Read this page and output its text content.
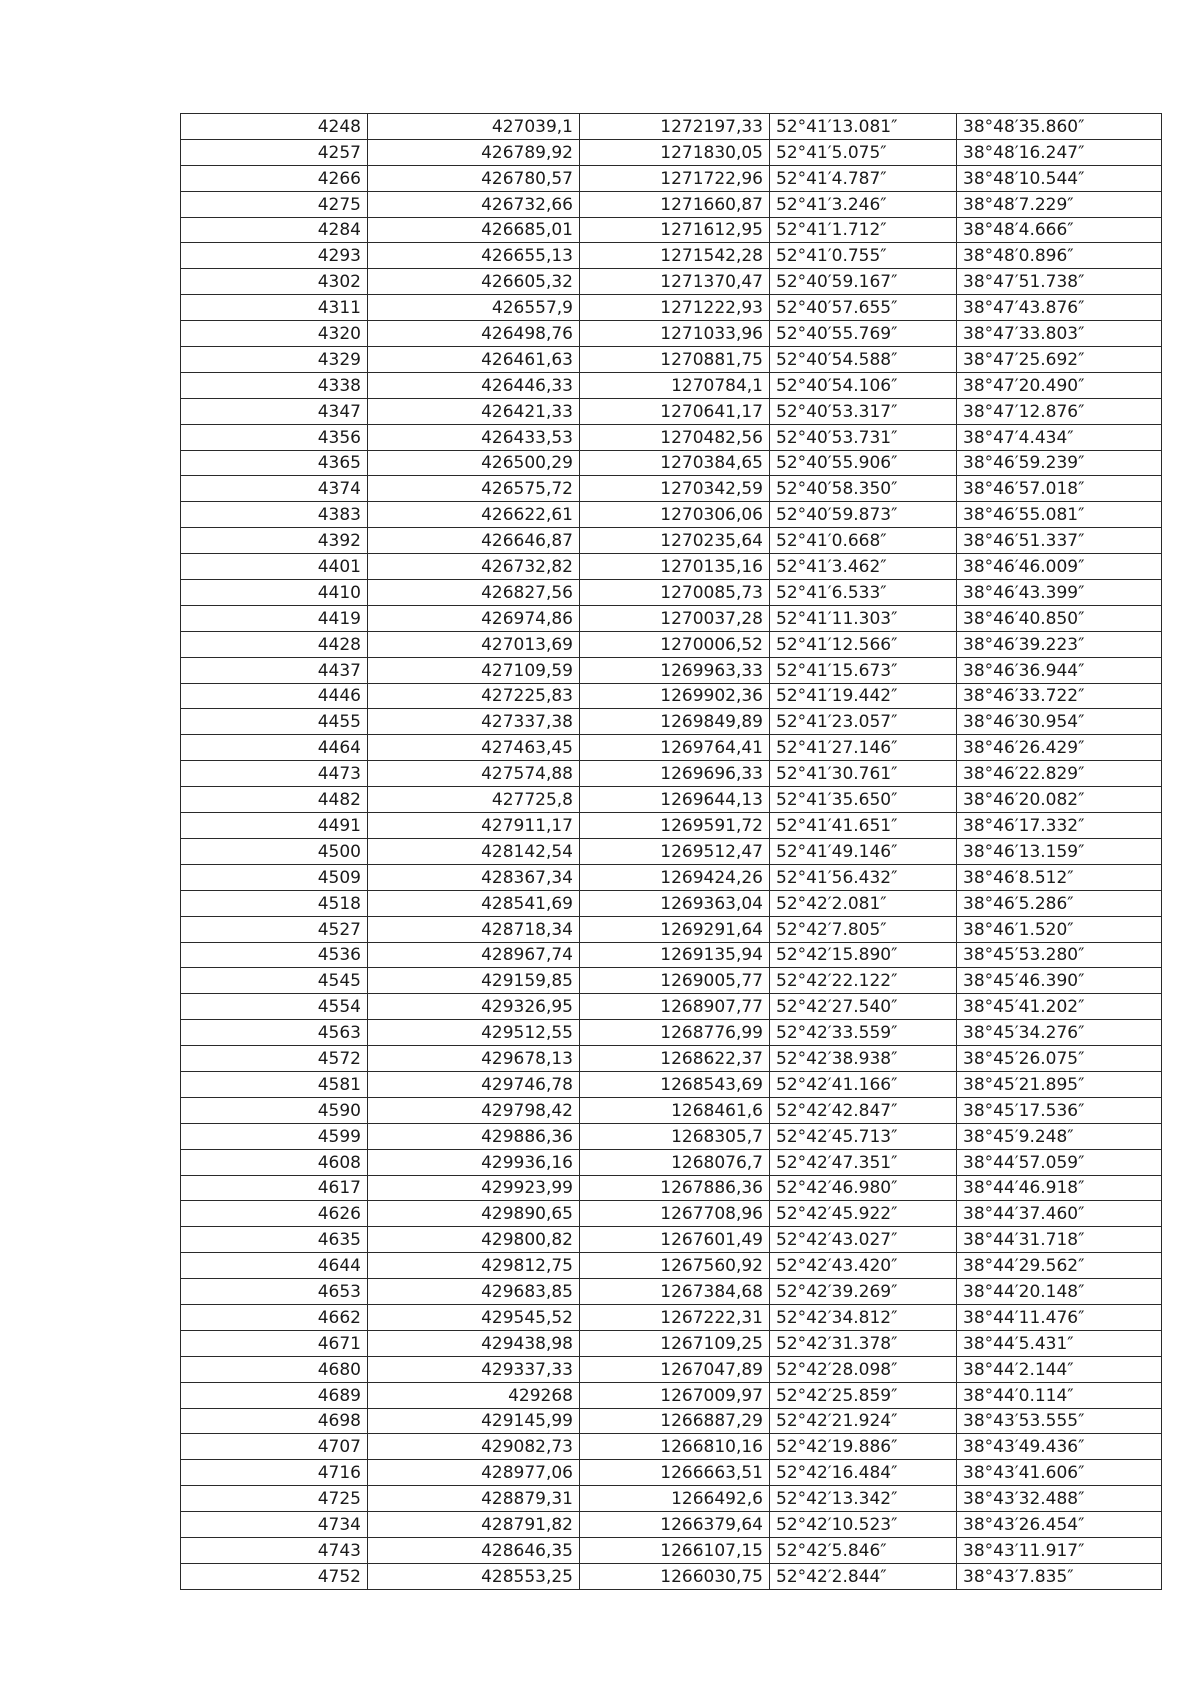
4248	427039,1	1272197,33	52°41′13.081″	38°48′35.860″
4257	426789,92	1271830,05	52°41′5.075″	38°48′16.247″
4266	426780,57	1271722,96	52°41′4.787″	38°48′10.544″
4275	426732,66	1271660,87	52°41′3.246″	38°48′7.229″
4284	426685,01	1271612,95	52°41′1.712″	38°48′4.666″
4293	426655,13	1271542,28	52°41′0.755″	38°48′0.896″
4302	426605,32	1271370,47	52°40′59.167″	38°47′51.738″
4311	426557,9	1271222,93	52°40′57.655″	38°47′43.876″
4320	426498,76	1271033,96	52°40′55.769″	38°47′33.803″
4329	426461,63	1270881,75	52°40′54.588″	38°47′25.692″
4338	426446,33	1270784,1	52°40′54.106″	38°47′20.490″
4347	426421,33	1270641,17	52°40′53.317″	38°47′12.876″
4356	426433,53	1270482,56	52°40′53.731″	38°47′4.434″
4365	426500,29	1270384,65	52°40′55.906″	38°46′59.239″
4374	426575,72	1270342,59	52°40′58.350″	38°46′57.018″
4383	426622,61	1270306,06	52°40′59.873″	38°46′55.081″
4392	426646,87	1270235,64	52°41′0.668″	38°46′51.337″
4401	426732,82	1270135,16	52°41′3.462″	38°46′46.009″
4410	426827,56	1270085,73	52°41′6.533″	38°46′43.399″
4419	426974,86	1270037,28	52°41′11.303″	38°46′40.850″
4428	427013,69	1270006,52	52°41′12.566″	38°46′39.223″
4437	427109,59	1269963,33	52°41′15.673″	38°46′36.944″
4446	427225,83	1269902,36	52°41′19.442″	38°46′33.722″
4455	427337,38	1269849,89	52°41′23.057″	38°46′30.954″
4464	427463,45	1269764,41	52°41′27.146″	38°46′26.429″
4473	427574,88	1269696,33	52°41′30.761″	38°46′22.829″
4482	427725,8	1269644,13	52°41′35.650″	38°46′20.082″
4491	427911,17	1269591,72	52°41′41.651″	38°46′17.332″
4500	428142,54	1269512,47	52°41′49.146″	38°46′13.159″
4509	428367,34	1269424,26	52°41′56.432″	38°46′8.512″
4518	428541,69	1269363,04	52°42′2.081″	38°46′5.286″
4527	428718,34	1269291,64	52°42′7.805″	38°46′1.520″
4536	428967,74	1269135,94	52°42′15.890″	38°45′53.280″
4545	429159,85	1269005,77	52°42′22.122″	38°45′46.390″
4554	429326,95	1268907,77	52°42′27.540″	38°45′41.202″
4563	429512,55	1268776,99	52°42′33.559″	38°45′34.276″
4572	429678,13	1268622,37	52°42′38.938″	38°45′26.075″
4581	429746,78	1268543,69	52°42′41.166″	38°45′21.895″
4590	429798,42	1268461,6	52°42′42.847″	38°45′17.536″
4599	429886,36	1268305,7	52°42′45.713″	38°45′9.248″
4608	429936,16	1268076,7	52°42′47.351″	38°44′57.059″
4617	429923,99	1267886,36	52°42′46.980″	38°44′46.918″
4626	429890,65	1267708,96	52°42′45.922″	38°44′37.460″
4635	429800,82	1267601,49	52°42′43.027″	38°44′31.718″
4644	429812,75	1267560,92	52°42′43.420″	38°44′29.562″
4653	429683,85	1267384,68	52°42′39.269″	38°44′20.148″
4662	429545,52	1267222,31	52°42′34.812″	38°44′11.476″
4671	429438,98	1267109,25	52°42′31.378″	38°44′5.431″
4680	429337,33	1267047,89	52°42′28.098″	38°44′2.144″
4689	429268	1267009,97	52°42′25.859″	38°44′0.114″
4698	429145,99	1266887,29	52°42′21.924″	38°43′53.555″
4707	429082,73	1266810,16	52°42′19.886″	38°43′49.436″
4716	428977,06	1266663,51	52°42′16.484″	38°43′41.606″
4725	428879,31	1266492,6	52°42′13.342″	38°43′32.488″
4734	428791,82	1266379,64	52°42′10.523″	38°43′26.454″
4743	428646,35	1266107,15	52°42′5.846″	38°43′11.917″
4752	428553,25	1266030,75	52°42′2.844″	38°43′7.835″
